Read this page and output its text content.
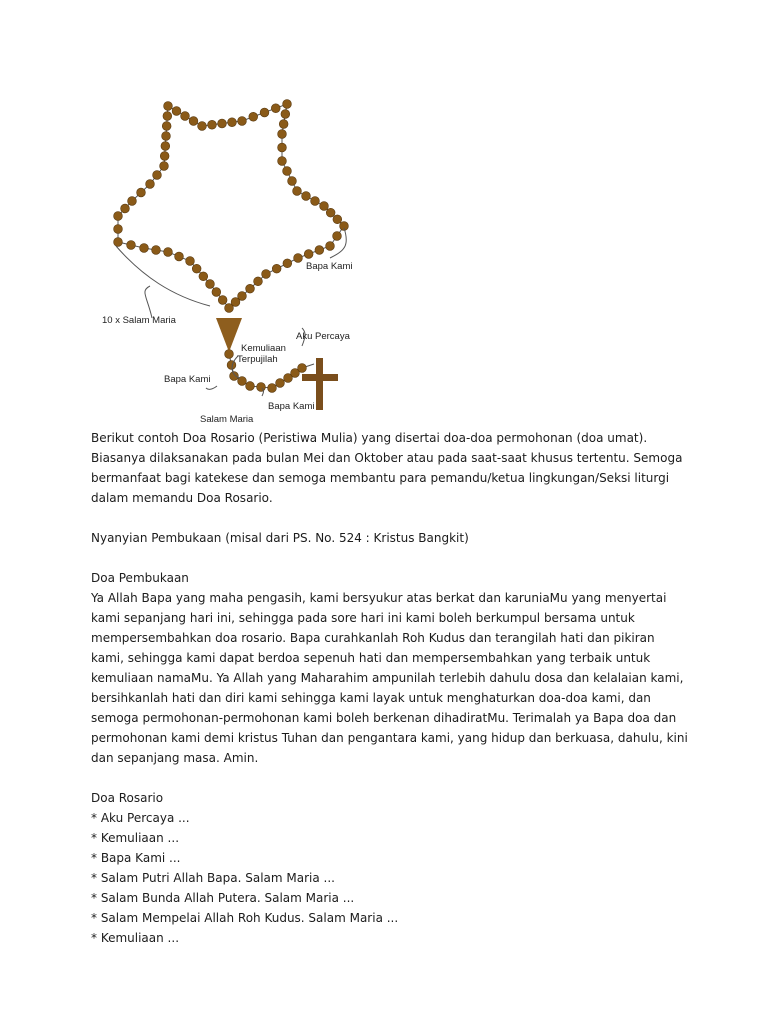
10 x Salam Maria
Bapa Kami
Kemuliaan
Terpujilah
Aku Percaya
Bapa Kami
Bapa Kami
Salam Maria

Berikut contoh Doa Rosario (Peristiwa Mulia) yang disertai doa-doa permohonan (doa umat). Biasanya dilaksanakan pada bulan Mei dan Oktober atau pada saat-saat khusus tertentu. Semoga bermanfaat bagi katekese dan semoga membantu para pemandu/ketua lingkungan/Seksi liturgi dalam memandu Doa Rosario.

Nyanyian Pembukaan (misal dari PS. No. 524 : Kristus Bangkit)

Doa Pembukaan

Ya Allah Bapa yang maha pengasih, kami bersyukur atas berkat dan karuniaMu yang menyertai kami sepanjang hari ini, sehingga pada sore hari ini kami boleh berkumpul bersama untuk mempersembahkan doa rosario. Bapa curahkanlah Roh Kudus dan terangilah hati dan pikiran kami, sehingga kami dapat berdoa sepenuh hati dan mempersembahkan yang terbaik untuk kemuliaan namaMu. Ya Allah yang Maharahim ampunilah terlebih dahulu dosa dan kelalaian kami, bersihkanlah hati dan diri kami sehingga kami layak untuk menghaturkan doa-doa kami, dan semoga permohonan-permohonan kami boleh berkenan dihadiratMu. Terimalah ya Bapa doa dan permohonan kami demi kristus Tuhan dan pengantara kami, yang hidup dan berkuasa, dahulu, kini dan sepanjang masa. Amin.

Doa Rosario

* Aku Percaya ...
* Kemuliaan ...
* Bapa Kami ...
* Salam Putri Allah Bapa. Salam Maria ...
* Salam Bunda Allah Putera. Salam Maria ...
* Salam Mempelai Allah Roh Kudus. Salam Maria ...
* Kemuliaan ...
